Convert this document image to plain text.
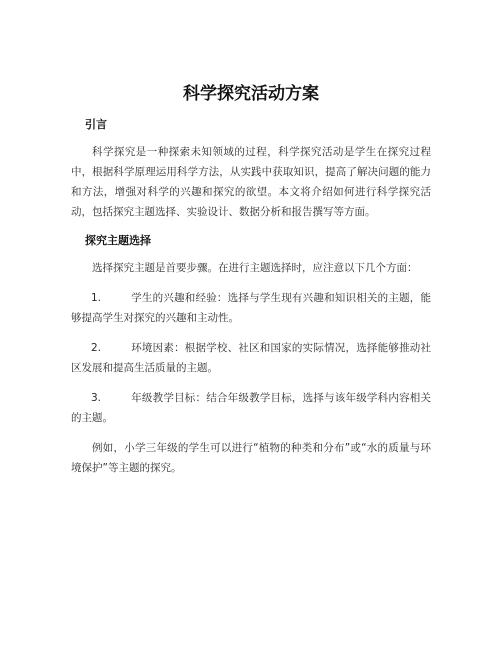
科学探究活动方案
引言

科学探究是一种探索未知领域的过程，科学探究活动是学生在探究过程中，根据科学原理运用科学方法，从实践中获取知识，提高了解决问题的能力和方法，增强对科学的兴趣和探究的欲望。本文将介绍如何进行科学探究活动，包括探究主题选择、实验设计、数据分析和报告撰写等方面。

探究主题选择

选择探究主题是首要步骤。在进行主题选择时，应注意以下几个方面：

1.	学生的兴趣和经验：选择与学生现有兴趣和知识相关的主题，能够提高学生对探究的兴趣和主动性。

2.	环境因素：根据学校、社区和国家的实际情况，选择能够推动社区发展和提高生活质量的主题。

3.	年级教学目标：结合年级教学目标，选择与该年级学科内容相关的主题。

例如，小学三年级的学生可以进行“植物的种类和分布”或“水的质量与环境保护”等主题的探究。
